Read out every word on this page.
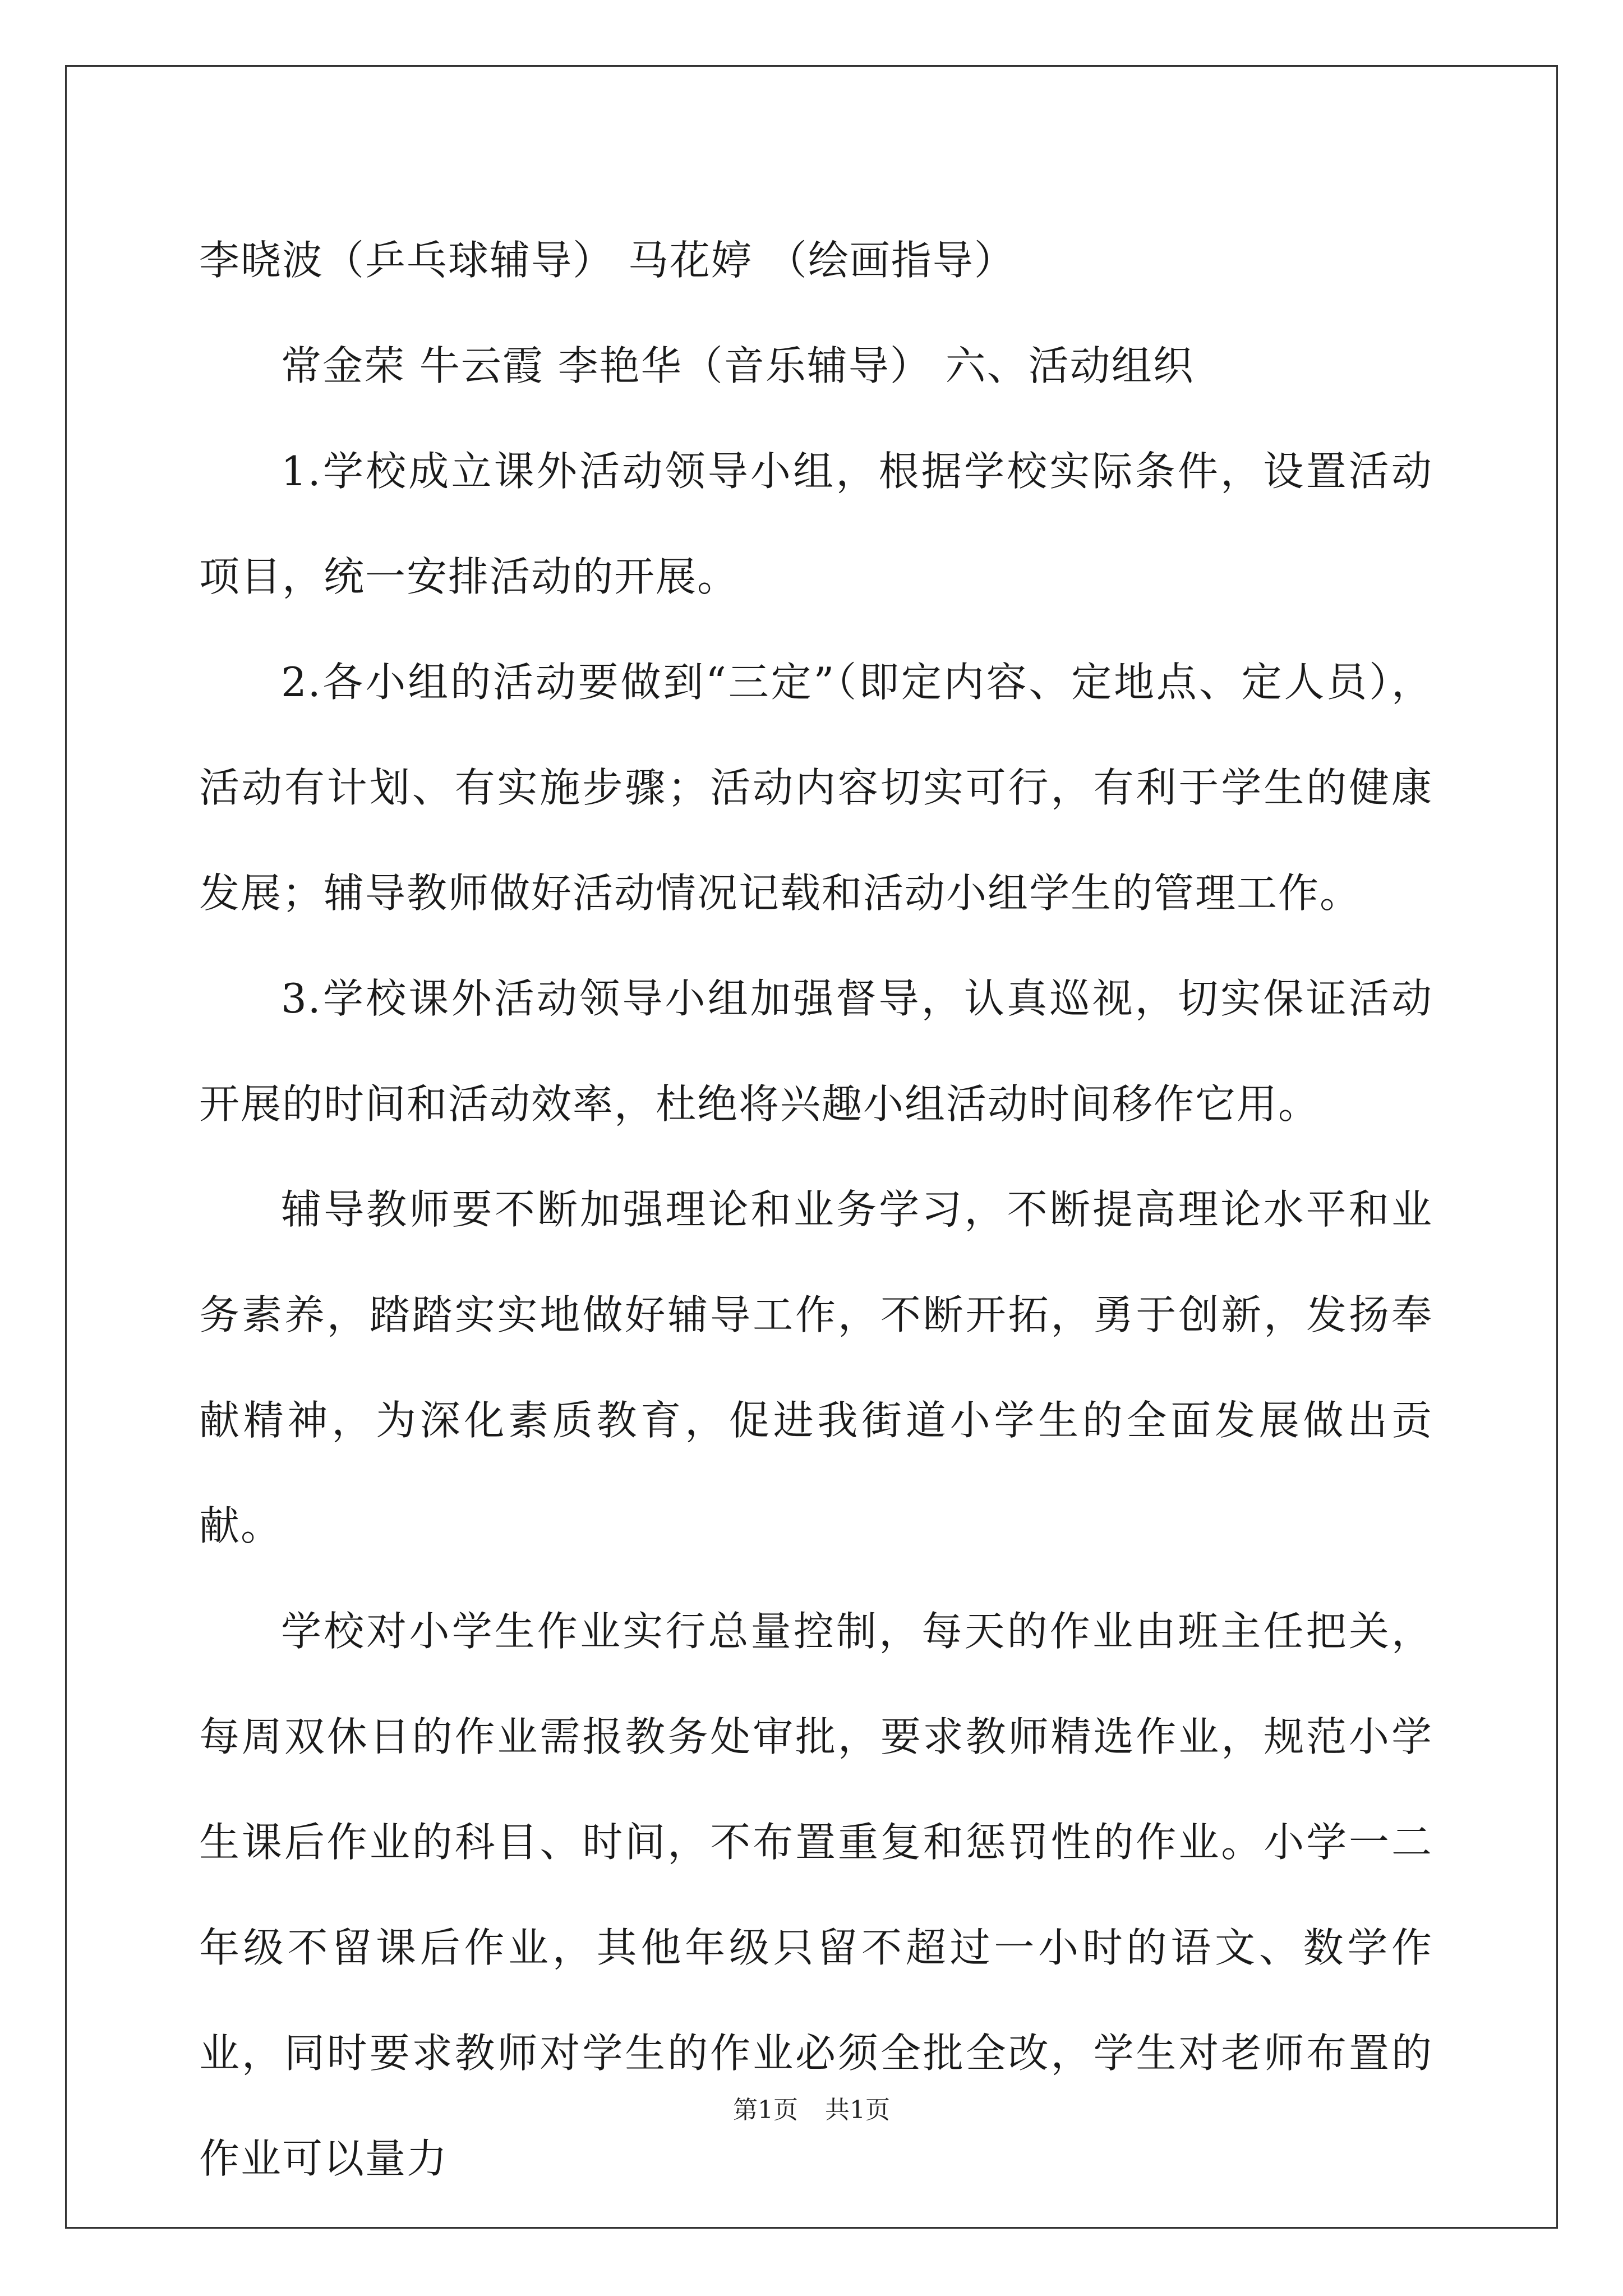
李晓波（乒乓球辅导） 马花婷 （绘画指导）

常金荣 牛云霞 李艳华（音乐辅导） 六、活动组织

1.学校成立课外活动领导小组，根据学校实际条件，设置活动项目，统一安排活动的开展。

2.各小组的活动要做到“三定”（即定内容、定地点、定人员），活动有计划、有实施步骤；活动内容切实可行，有利于学生的健康发展；辅导教师做好活动情况记载和活动小组学生的管理工作。

3.学校课外活动领导小组加强督导，认真巡视，切实保证活动开展的时间和活动效率，杜绝将兴趣小组活动时间移作它用。

辅导教师要不断加强理论和业务学习，不断提高理论水平和业务素养，踏踏实实地做好辅导工作，不断开拓，勇于创新，发扬奉献精神，为深化素质教育，促进我街道小学生的全面发展做出贡献。

学校对小学生作业实行总量控制，每天的作业由班主任把关，每周双休日的作业需报教务处审批，要求教师精选作业，规范小学生课后作业的科目、时间，不布置重复和惩罚性的作业。小学一二年级不留课后作业，其他年级只留不超过一小时的语文、数学作业，同时要求教师对学生的作业必须全批全改，学生对老师布置的作业可以量力

第1页 共1页
